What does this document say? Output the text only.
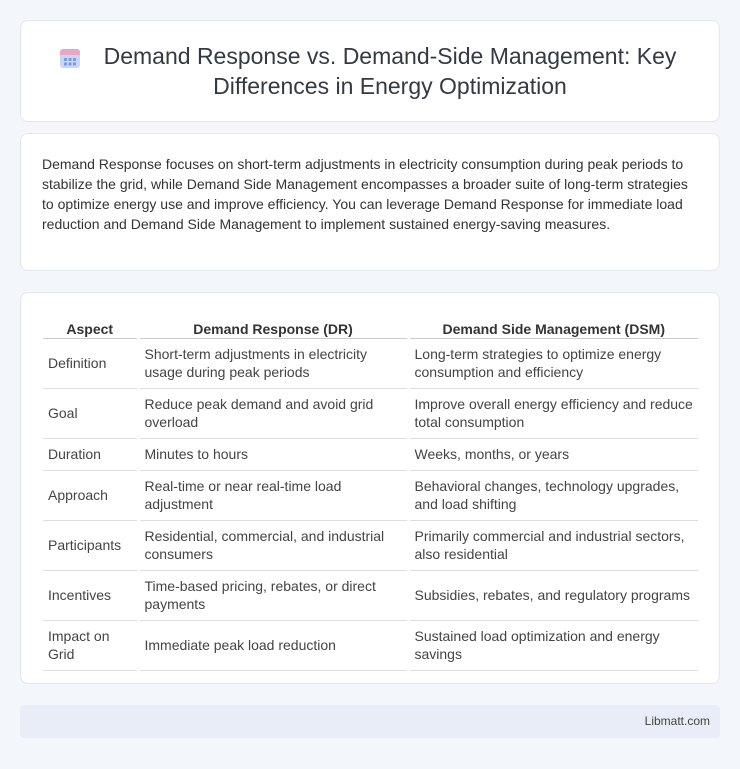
Demand Response vs. Demand-Side Management: Key Differences in Energy Optimization

Demand Response focuses on short-term adjustments in electricity consumption during peak periods to stabilize the grid, while Demand Side Management encompasses a broader suite of long-term strategies to optimize energy use and improve efficiency. You can leverage Demand Response for immediate load reduction and Demand Side Management to implement sustained energy-saving measures.

Aspect	Demand Response (DR)	Demand Side Management (DSM)
Definition	Short-term adjustments in electricity usage during peak periods	Long-term strategies to optimize energy consumption and efficiency
Goal	Reduce peak demand and avoid grid overload	Improve overall energy efficiency and reduce total consumption
Duration	Minutes to hours	Weeks, months, or years
Approach	Real-time or near real-time load adjustment	Behavioral changes, technology upgrades, and load shifting
Participants	Residential, commercial, and industrial consumers	Primarily commercial and industrial sectors, also residential
Incentives	Time-based pricing, rebates, or direct payments	Subsidies, rebates, and regulatory programs
Impact on Grid	Immediate peak load reduction	Sustained load optimization and energy savings
Libmatt.com
